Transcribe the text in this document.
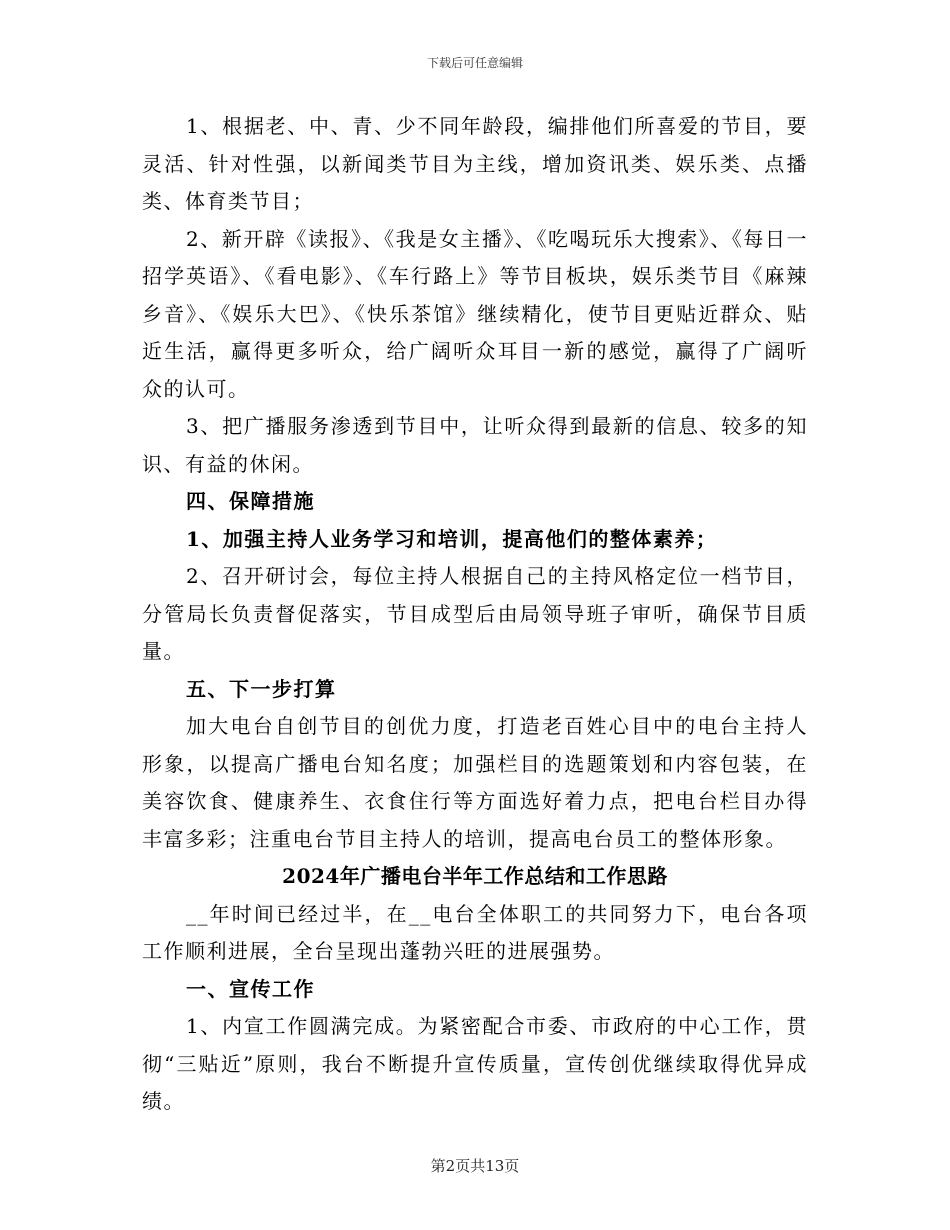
下载后可任意编辑

1、根据老、中、青、少不同年龄段，编排他们所喜爱的节目，要灵活、针对性强，以新闻类节目为主线，增加资讯类、娱乐类、点播类、体育类节目；

2、新开辟《读报》、《我是女主播》、《吃喝玩乐大搜索》、《每日一招学英语》、《看电影》、《车行路上》等节目板块，娱乐类节目《麻辣乡音》、《娱乐大巴》、《快乐茶馆》继续精化，使节目更贴近群众、贴近生活，赢得更多听众，给广阔听众耳目一新的感觉，赢得了广阔听众的认可。

3、把广播服务渗透到节目中，让听众得到最新的信息、较多的知识、有益的休闲。

四、保障措施

1、加强主持人业务学习和培训，提高他们的整体素养；

2、召开研讨会，每位主持人根据自己的主持风格定位一档节目，分管局长负责督促落实，节目成型后由局领导班子审听，确保节目质量。

五、下一步打算

加大电台自创节目的创优力度，打造老百姓心目中的电台主持人形象，以提高广播电台知名度；加强栏目的选题策划和内容包装，在美容饮食、健康养生、衣食住行等方面选好着力点，把电台栏目办得丰富多彩；注重电台节目主持人的培训，提高电台员工的整体形象。

2024年广播电台半年工作总结和工作思路

__年时间已经过半，在__电台全体职工的共同努力下，电台各项工作顺利进展，全台呈现出蓬勃兴旺的进展强势。

一、宣传工作

1、内宣工作圆满完成。为紧密配合市委、市政府的中心工作，贯彻“三贴近”原则，我台不断提升宣传质量，宣传创优继续取得优异成绩。

第2页共13页
